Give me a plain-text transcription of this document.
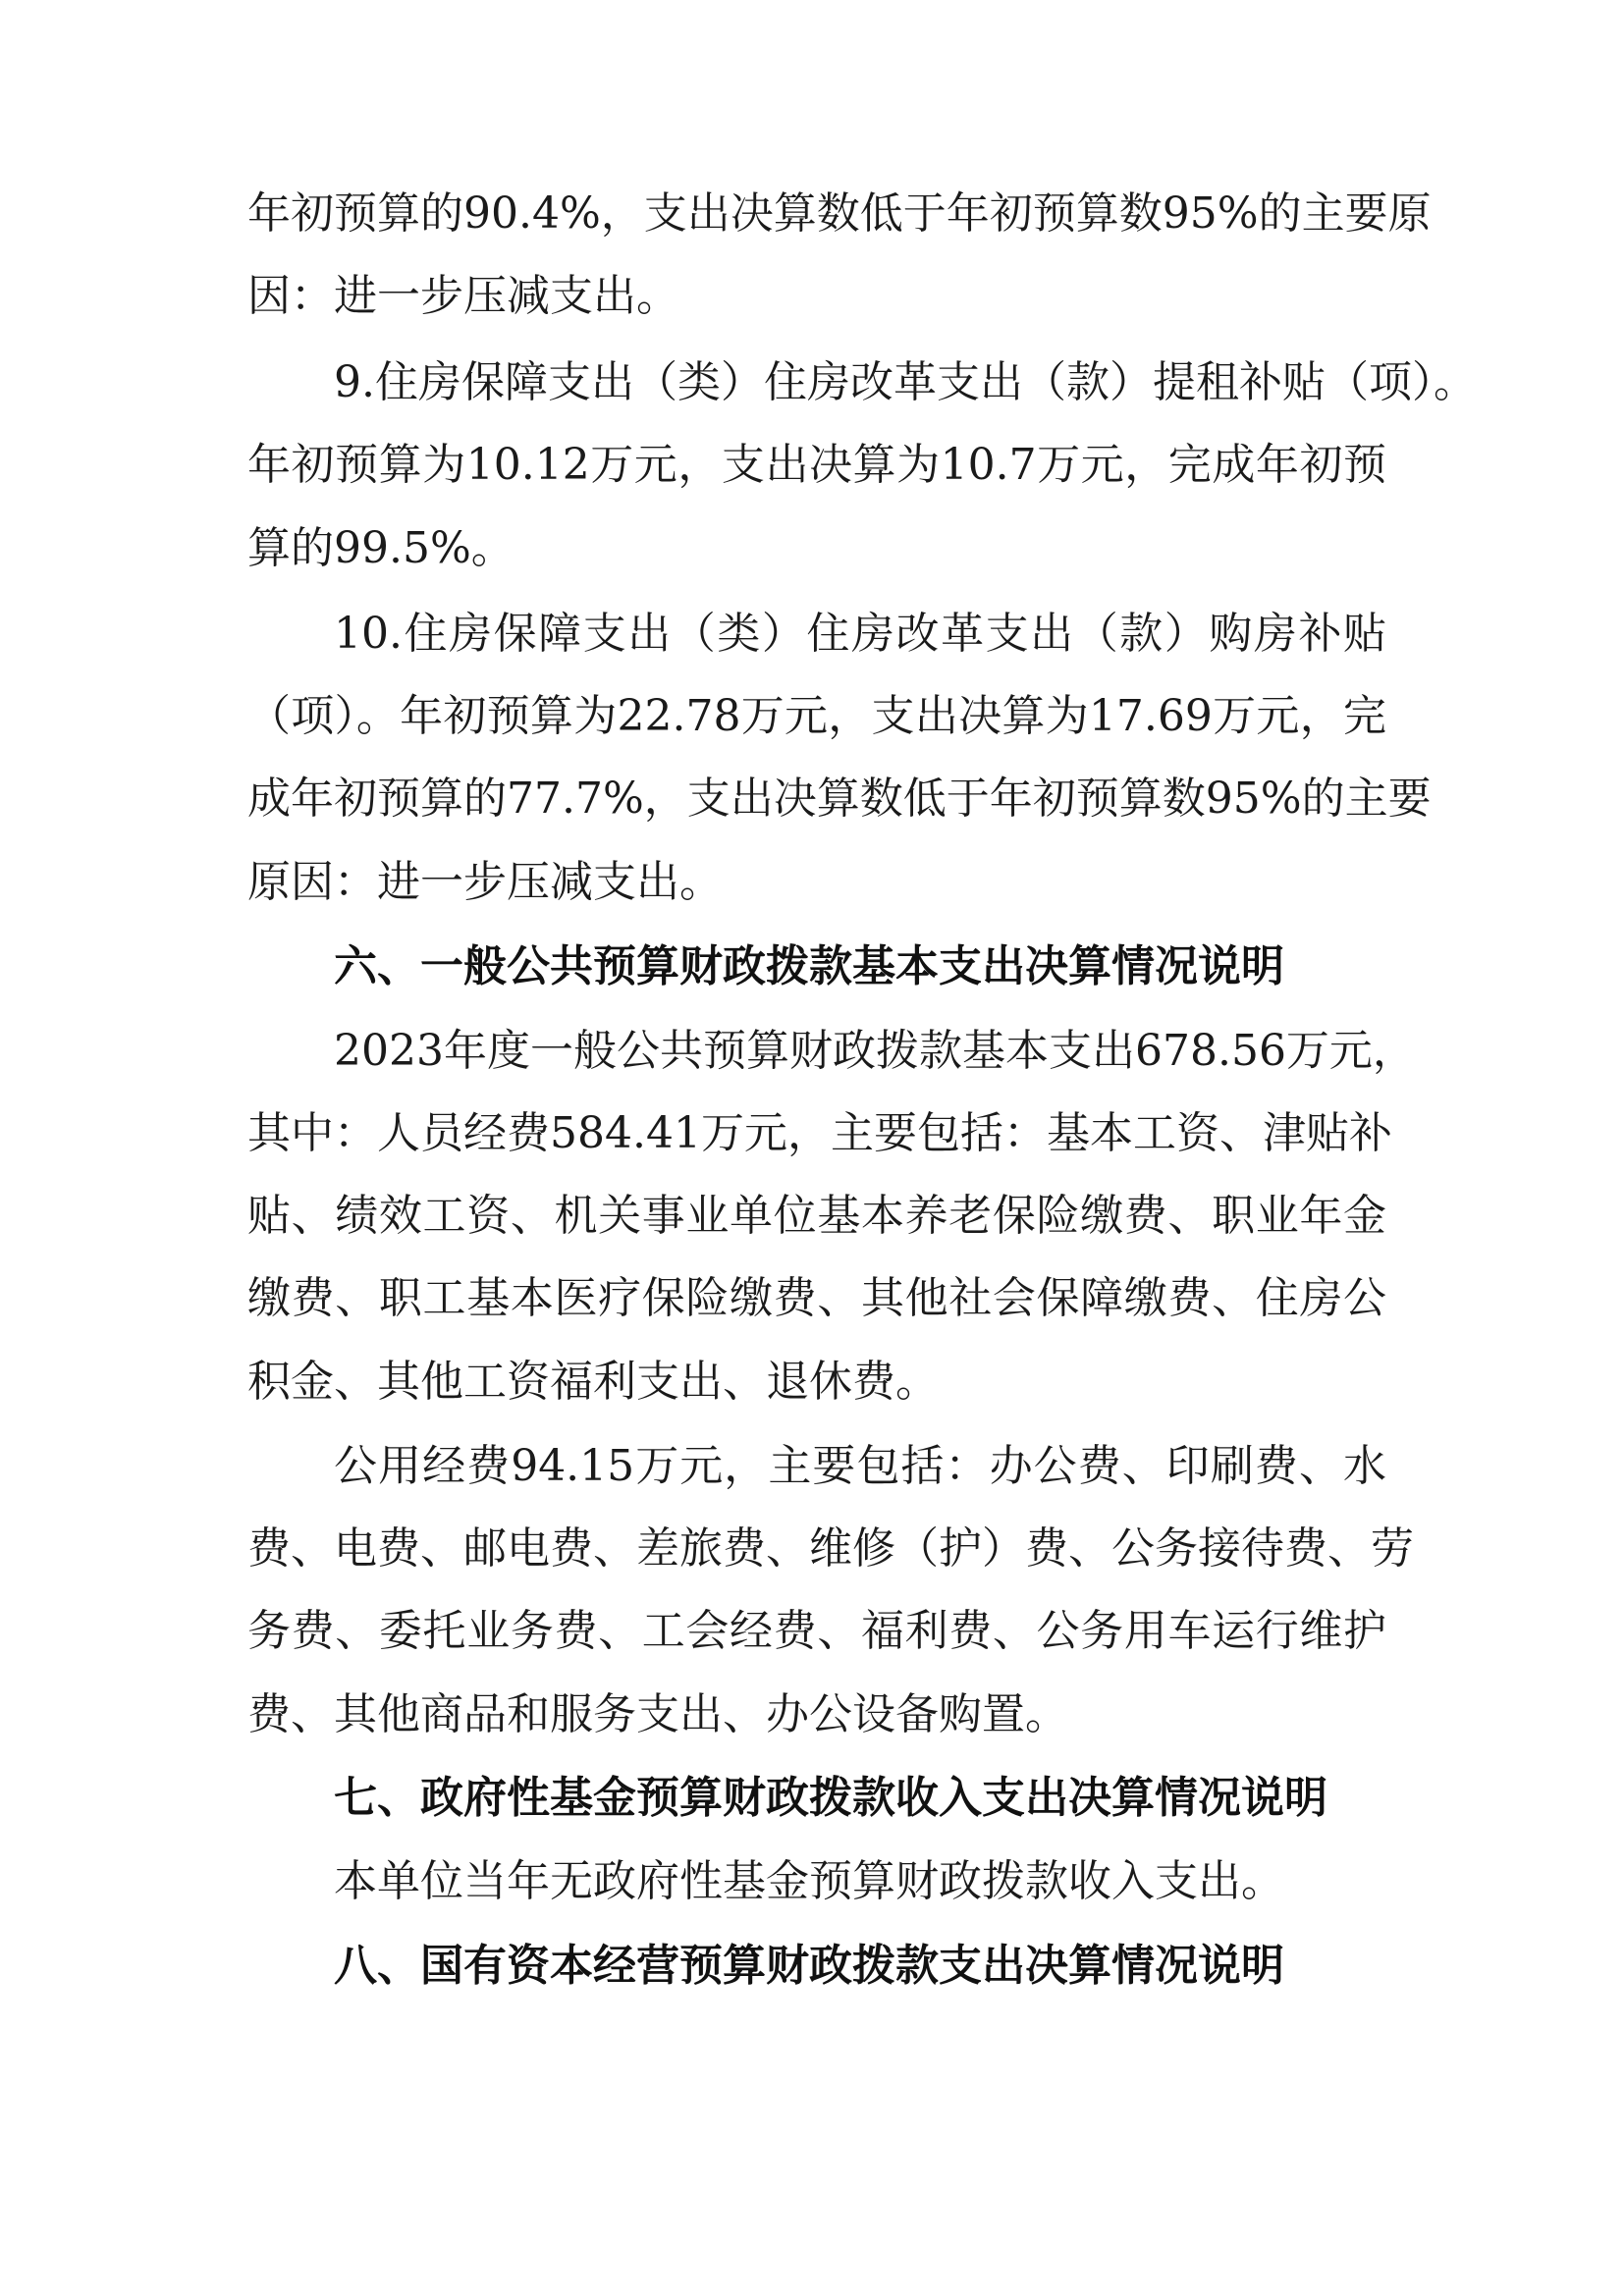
年初预算的90.4%，支出决算数低于年初预算数95%的主要原
因：进一步压减支出。
9.住房保障支出（类）住房改革支出（款）提租补贴（项）。
年初预算为10.12万元，支出决算为10.7万元，完成年初预
算的99.5%。
10.住房保障支出（类）住房改革支出（款）购房补贴
（项）。年初预算为22.78万元，支出决算为17.69万元，完
成年初预算的77.7%，支出决算数低于年初预算数95%的主要
原因：进一步压减支出。
六、一般公共预算财政拨款基本支出决算情况说明
2023年度一般公共预算财政拨款基本支出678.56万元，
其中：人员经费584.41万元，主要包括：基本工资、津贴补
贴、绩效工资、机关事业单位基本养老保险缴费、职业年金
缴费、职工基本医疗保险缴费、其他社会保障缴费、住房公
积金、其他工资福利支出、退休费。
公用经费94.15万元，主要包括：办公费、印刷费、水
费、电费、邮电费、差旅费、维修（护）费、公务接待费、劳
务费、委托业务费、工会经费、福利费、公务用车运行维护
费、其他商品和服务支出、办公设备购置。
七、政府性基金预算财政拨款收入支出决算情况说明
本单位当年无政府性基金预算财政拨款收入支出。
八、国有资本经营预算财政拨款支出决算情况说明
